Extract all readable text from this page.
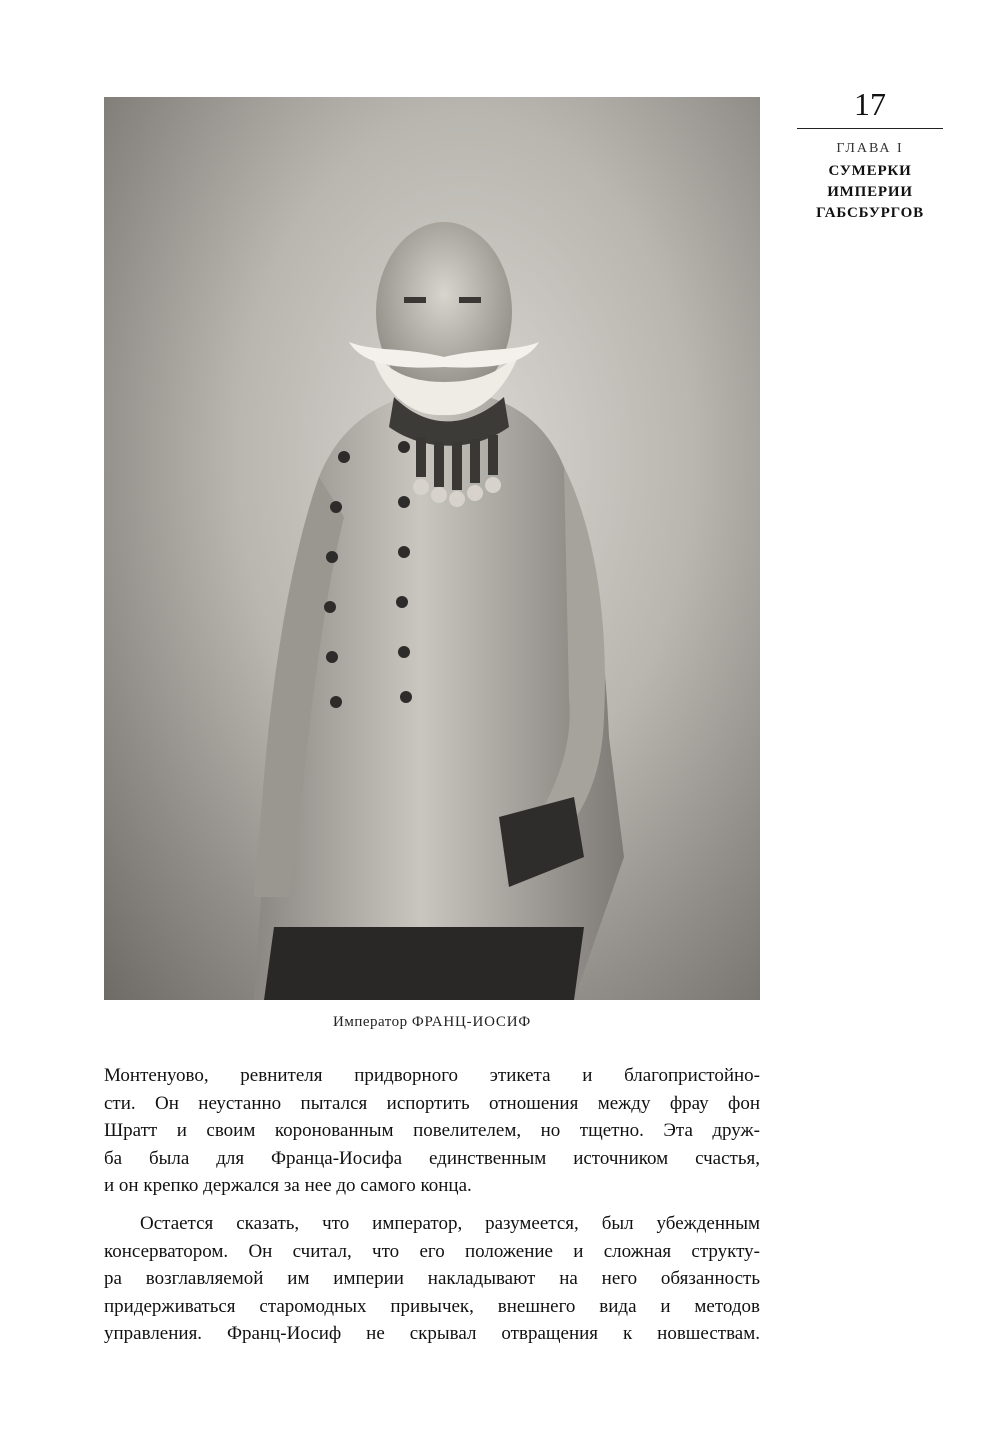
Император ФРАНЦ-ИОСИФ
17
ГЛАВА I
СУМЕРКИ
ИМПЕРИИ
ГАБСБУРГОВ

Монтенуово, ревнителя придворного этикета и благопристойно-
сти. Он неустанно пытался испортить отношения между фрау фон
Шратт и своим коронованным повелителем, но тщетно. Эта друж-
ба была для Франца-Иосифа единственным источником счастья,
и он крепко держался за нее до самого конца.

Остается сказать, что император, разумеется, был убежденным
консерватором. Он считал, что его положение и сложная структу-
ра возглавляемой им империи накладывают на него обязанность
придерживаться старомодных привычек, внешнего вида и методов
управления. Франц-Иосиф не скрывал отвращения к новшествам.
